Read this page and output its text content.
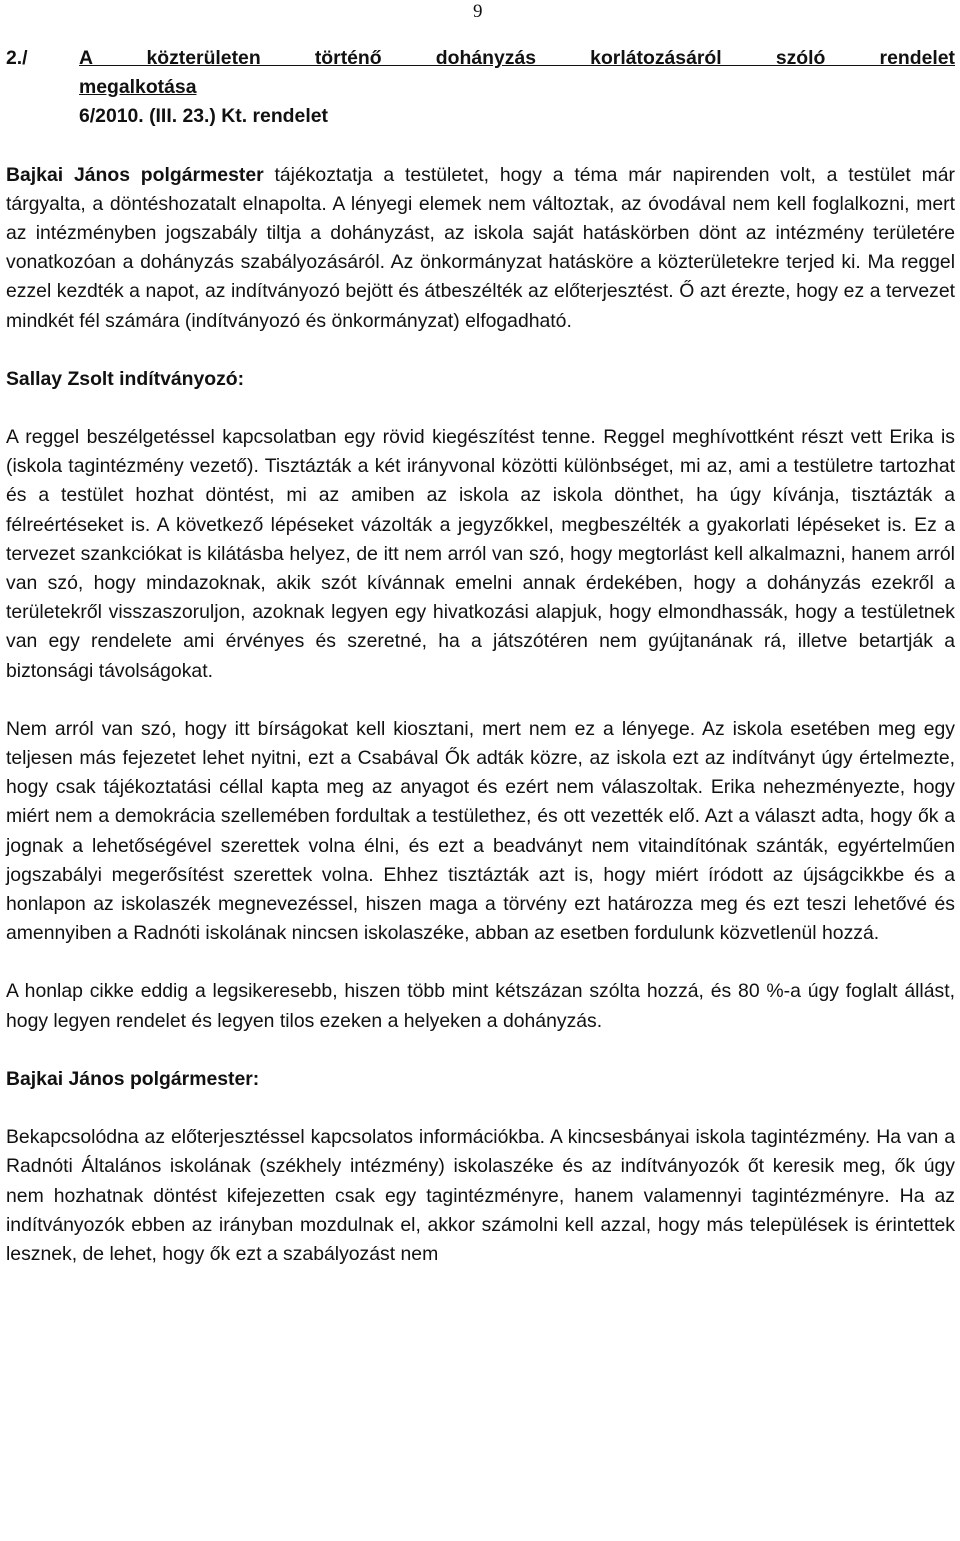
9
2./	A közterületen történő dohányzás korlátozásáról szóló rendelet
megalkotása
6/2010. (III. 23.) Kt. rendelet

Bajkai János polgármester tájékoztatja a testületet, hogy a téma már napirenden volt, a testület már tárgyalta, a döntéshozatalt elnapolta. A lényegi elemek nem változtak, az óvodával nem kell foglalkozni, mert az intézményben jogszabály tiltja a dohányzást, az iskola saját hatáskörben dönt az intézmény területére vonatkozóan a dohányzás szabályozásáról. Az önkormányzat hatásköre a közterületekre terjed ki. Ma reggel ezzel kezdték a napot, az indítványozó bejött és átbeszélték az előterjesztést. Ő azt érezte, hogy ez a tervezet mindkét fél számára (indítványozó és önkormányzat) elfogadható.

Sallay Zsolt indítványozó:

A reggel beszélgetéssel kapcsolatban egy rövid kiegészítést tenne. Reggel meghívottként részt vett Erika is (iskola tagintézmény vezető). Tisztázták a két irányvonal közötti különbséget, mi az, ami a testületre tartozhat és a testület hozhat döntést, mi az amiben az iskola az iskola dönthet, ha úgy kívánja, tisztázták a félreértéseket is. A következő lépéseket vázolták a jegyzőkkel, megbeszélték a gyakorlati lépéseket is. Ez a tervezet szankciókat is kilátásba helyez, de itt nem arról van szó, hogy megtorlást kell alkalmazni, hanem arról van szó, hogy mindazoknak, akik szót kívánnak emelni annak érdekében, hogy a dohányzás ezekről a területekről visszaszoruljon, azoknak legyen egy hivatkozási alapjuk, hogy elmondhassák, hogy a testületnek van egy rendelete ami érvényes és szeretné, ha a játszótéren nem gyújtanának rá, illetve betartják a biztonsági távolságokat.

Nem arról van szó, hogy itt bírságokat kell kiosztani, mert nem ez a lényege. Az iskola esetében meg egy teljesen más fejezetet lehet nyitni, ezt a Csabával Ők adták közre, az iskola ezt az indítványt úgy értelmezte, hogy csak tájékoztatási céllal kapta meg az anyagot és ezért nem válaszoltak. Erika nehezményezte, hogy miért nem a demokrácia szellemében fordultak a testülethez, és ott vezették elő. Azt a választ adta, hogy ők a jognak a lehetőségével szerettek volna élni, és ezt a beadványt nem vitaindítónak szánták, egyértelműen jogszabályi megerősítést szerettek volna. Ehhez tisztázták azt is, hogy miért íródott az újságcikkbe és a honlapon az iskolaszék megnevezéssel, hiszen maga a törvény ezt határozza meg és ezt teszi lehetővé és amennyiben a Radnóti iskolának nincsen iskolaszéke, abban az esetben fordulunk közvetlenül hozzá.

A honlap cikke eddig a legsikeresebb, hiszen több mint kétszázan szólta hozzá, és 80 %-a úgy foglalt állást, hogy legyen rendelet és legyen tilos ezeken a helyeken a dohányzás.

Bajkai János polgármester:

Bekapcsolódna az előterjesztéssel kapcsolatos információkba. A kincsesbányai iskola tagintézmény. Ha van a Radnóti Általános iskolának (székhely intézmény) iskolaszéke és az indítványozók őt keresik meg, ők úgy nem hozhatnak döntést kifejezetten csak egy tagintézményre, hanem valamennyi tagintézményre. Ha az indítványozók ebben az irányban mozdulnak el, akkor számolni kell azzal, hogy más települések is érintettek lesznek, de lehet, hogy ők ezt a szabályozást nem
